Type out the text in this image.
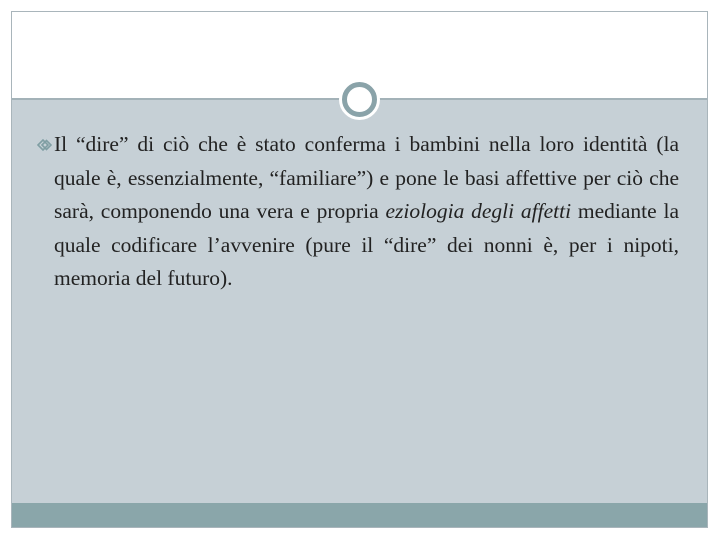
Il “dire” di ciò che è stato conferma i bambini nella loro identità (la quale è, essenzialmente, “familiare”) e pone le basi affettive per ciò che sarà, componendo una vera e propria eziologia degli affetti mediante la quale codificare l’avvenire (pure il “dire” dei nonni è, per i nipoti, memoria del futuro).
